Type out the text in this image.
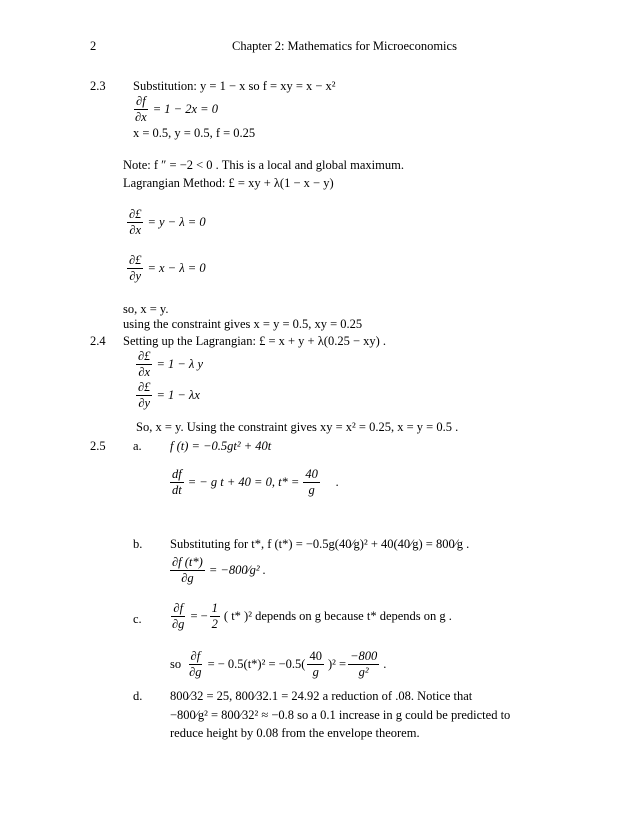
2	Chapter 2: Mathematics for Microeconomics
2.3 Substitution: y = 1 − x so f = xy = x − x²
$\frac{\partial f}{\partial x} = 1 - 2x = 0$
x = 0.5, y = 0.5, f = 0.25
Note: f ″ = −2 < 0 . This is a local and global maximum.
Lagrangian Method: £ = xy + λ(1 − x − y)
$\frac{\partial£}{\partial x} = y - \lambda = 0$
$\frac{\partial£}{\partial y} = x - \lambda = 0$
so, x = y.
using the constraint gives x = y = 0.5, xy = 0.25
2.4 Setting up the Lagrangian: £ = x + y + λ(0.25 − xy) .
$\frac{\partial£}{\partial x} = 1 - \lambda$ y
$\frac{\partial£}{\partial y} = 1 - \lambda x$
So, x = y. Using the constraint gives xy = x² = 0.25, x = y = 0.5 .
2.5 a. f (t) = −0.5gt² + 40t
$\frac{df}{dt}$ = − g t + 40 = 0, $t* = \frac{40}{g}$ .
b. Substituting for t*, f (t*) = −0.5g(40⁄g)² + 40(40⁄g) = 800⁄g .
$\frac{\partial f (t*)}{\partial g}$ = −800⁄g² .
c. $\frac{\partial f}{\partial g}$ = − $\frac{1}{2}$ ( t* )² depends on g because t* depends on g .
so $\frac{\partial f}{\partial g}$ = − $0.5(t*)^2 = -0.5( \frac{40}{g} )^2 = \frac{-800}{\text{g²}}$ .
d. 800⁄32 = 25, 800⁄32.1 = 24.92 a reduction of .08. Notice that
−800⁄g² = 800⁄32² ≈ −0.8 so a 0.1 increase in g could be predicted to
reduce height by 0.08 from the envelope theorem.
